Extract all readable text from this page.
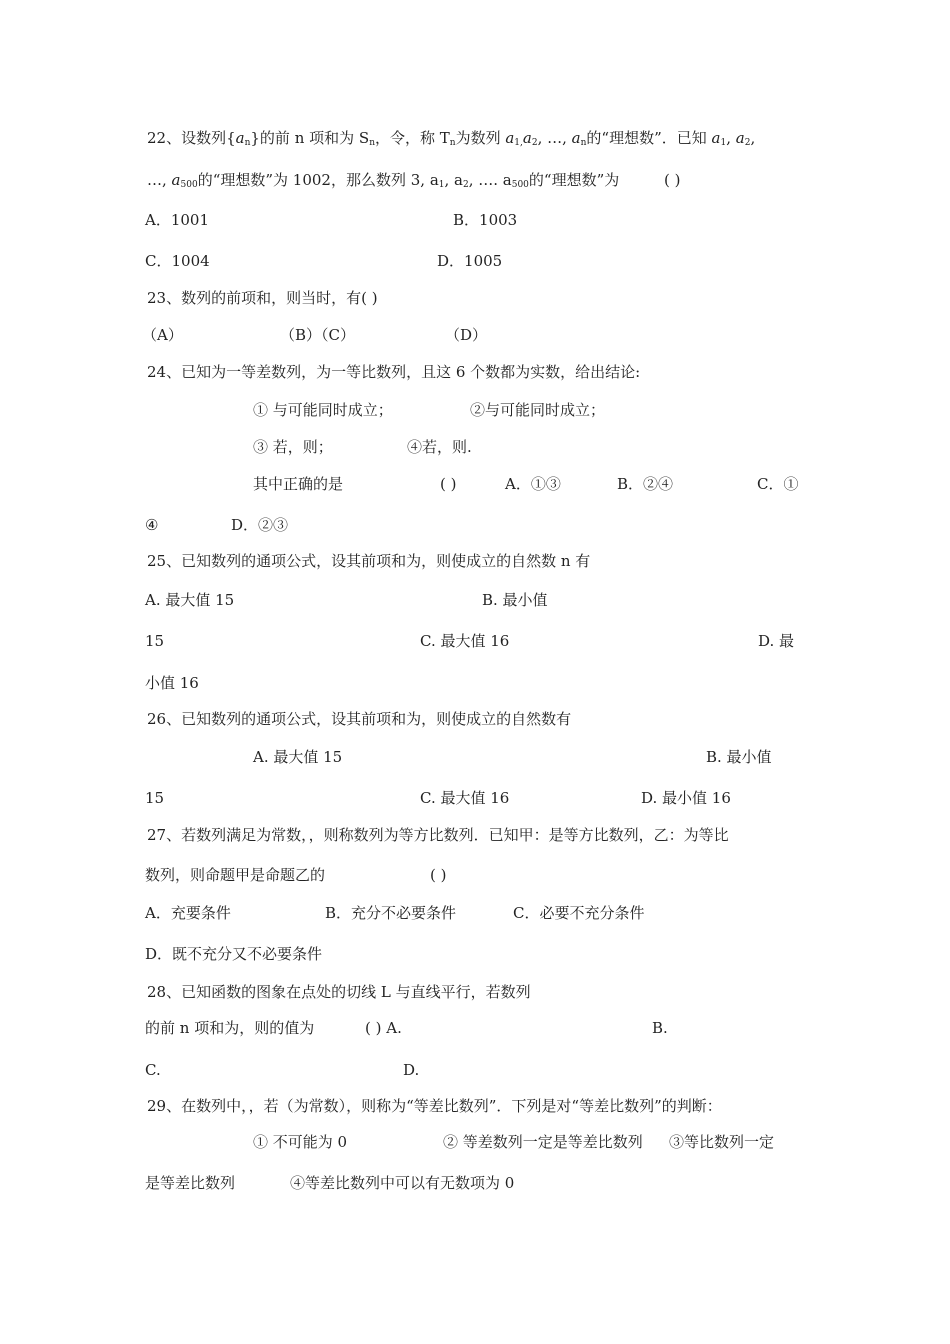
22、设数列$\{a_n\}$的前 n 项和为 $S_n$，令，称 $T_n$为数列 $a_{1,}a_2$, …, $a_n$的“理想数”．已知 $a_1$, $a_2$,
…, $a_{500}$的“理想数”为 1002，那么数列 3, $a_1$, $a_2$, …. $a_{500}$的“理想数”为	( )
A．1001	B．1003
C．1004	D．1005
23、数列的前项和，则当时，有( )
（A）	（B）（C）	（D）
24、已知为一等差数列，为一等比数列，且这 6 个数都为实数，给出结论:
① 与可能同时成立；	②与可能同时成立；
③ 若，则；	④若，则.
其中正确的是	( )	A．①③	B．②④	C．①
④	D．②③
25、已知数列的通项公式，设其前项和为，则使成立的自然数 n 有
A. 最大值 15	B. 最小值
15	C. 最大值 16	D. 最
小值 16
26、已知数列的通项公式，设其前项和为，则使成立的自然数有
A. 最大值 15	B. 最小值
15	C. 最大值 16	D. 最小值 16
27、若数列满足为常数，，则称数列为等方比数列．已知甲：是等方比数列，乙：为等比
数列，则命题甲是命题乙的	( )
A．充要条件	B．充分不必要条件	C．必要不充分条件
D．既不充分又不必要条件
28、已知函数的图象在点处的切线 L 与直线平行，若数列
的前 n 项和为，则的值为	( ) A.	B.
C.	D.
29、在数列中，，若（为常数），则称为“等差比数列”．下列是对“等差比数列”的判断：
① 不可能为 0	② 等差数列一定是等差比数列 ③等比数列一定
是等差比数列	④等差比数列中可以有无数项为 0
